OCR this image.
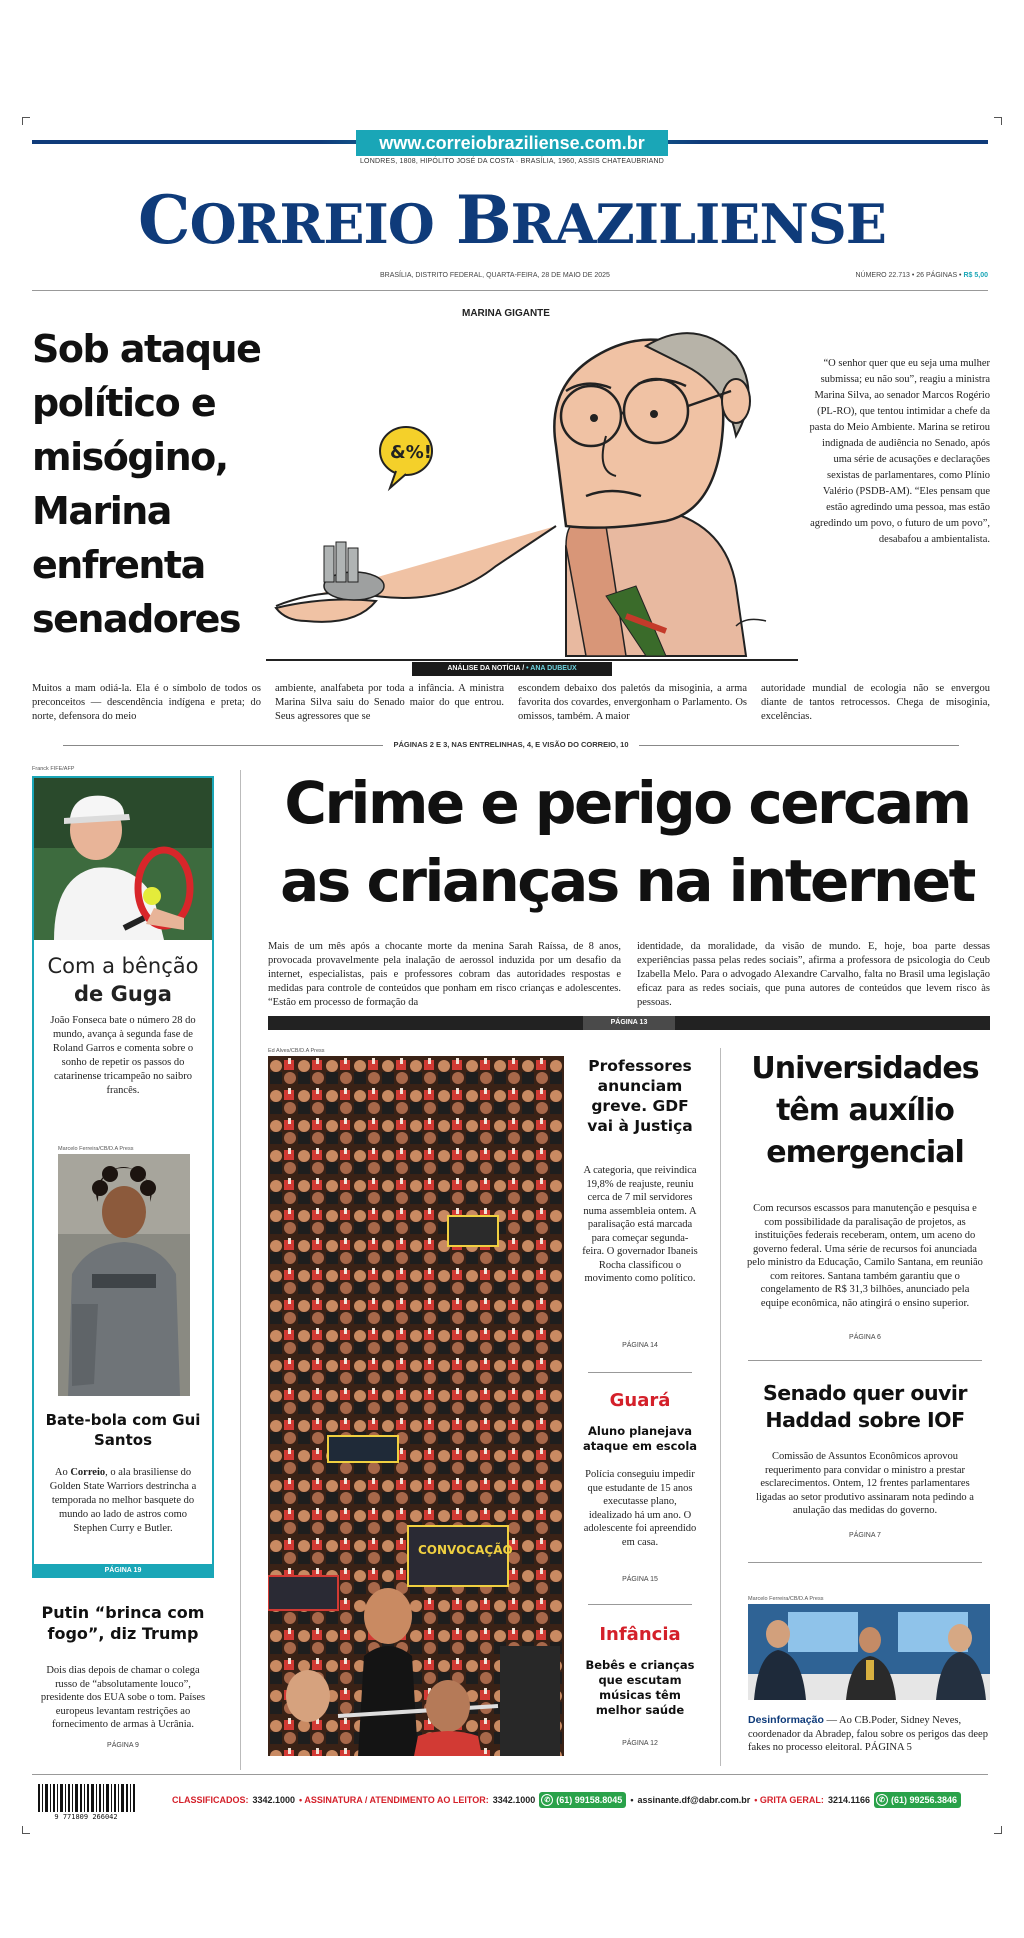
www.correiobraziliense.com.br
LONDRES, 1808, HIPÓLITO JOSÉ DA COSTA · BRASÍLIA, 1960, ASSIS CHATEAUBRIAND
CORREIO BRAZILIENSE
BRASÍLIA, DISTRITO FEDERAL, QUARTA-FEIRA, 28 DE MAIO DE 2025	NÚMERO 22.713 • 26 PÁGINAS • R$ 5,00
Sob ataque político e misógino, Marina enfrenta senadores
&%!
MARINA GIGANTE

“O senhor quer que eu seja uma mulher submissa; eu não sou”, reagiu a ministra Marina Silva, ao senador Marcos Rogério (PL-RO), que tentou intimidar a chefe da pasta do Meio Ambiente. Marina se retirou indignada de audiência no Senado, após uma série de acusações e declarações sexistas de parlamentares, como Plínio Valério (PSDB-AM). “Eles pensam que estão agredindo uma pessoa, mas estão agredindo um povo, o futuro de um povo”, desabafou a ambientalista.

ANÁLISE DA NOTÍCIA / • ANA DUBEUX

Muitos a mam odiá-la. Ela é o símbolo de todos os preconceitos — descendência indígena e preta; do norte, defensora do meio

ambiente, analfabeta por toda a infância. A ministra Marina Silva saiu do Senado maior do que entrou. Seus agressores que se

escondem debaixo dos paletós da misoginia, a arma favorita dos covardes, envergonham o Parlamento. Os omissos, também. A maior

autoridade mundial de ecologia não se envergou diante de tantos retrocessos. Chega de misoginia, excelências.

PÁGINAS 2 E 3, NAS ENTRELINHAS, 4, E VISÃO DO CORREIO, 10
Franck FIFE/AFP
Com a bênção
de Guga

João Fonseca bate o número 28 do mundo, avança à segunda fase de Roland Garros e comenta sobre o sonho de repetir os passos do catarinense tricampeão no saibro francês.

Marcelo Ferreira/CB/D.A Press
Bate-bola com Gui Santos

Ao Correio, o ala brasiliense do Golden State Warriors destrincha a temporada no melhor basquete do mundo ao lado de astros como Stephen Curry e Butler.

PÁGINA 19
Putin “brinca com fogo”, diz Trump

Dois dias depois de chamar o colega russo de “absolutamente louco”, presidente dos EUA sobe o tom. Países europeus levantam restrições ao fornecimento de armas à Ucrânia.

PÁGINA 9
Crime e perigo cercam as crianças na internet

Mais de um mês após a chocante morte da menina Sarah Raíssa, de 8 anos, provocada provavelmente pela inalação de aerossol induzida por um desafio da internet, especialistas, pais e professores cobram das autoridades respostas e medidas para controle de conteúdos que ponham em risco crianças e adolescentes. “Estão em processo de formação da

identidade, da moralidade, da visão de mundo. E, hoje, boa parte dessas experiências passa pelas redes sociais”, afirma a professora de psicologia do Ceub Izabella Melo. Para o advogado Alexandre Carvalho, falta no Brasil uma legislação eficaz para as redes sociais, que puna autores de conteúdos que levem risco às pessoas.

PÁGINA 13
Ed Alves/CB/D.A Press
CONVOCAÇÃO
Professores anunciam greve. GDF vai à Justiça

A categoria, que reivindica 19,8% de reajuste, reuniu cerca de 7 mil servidores numa assembleia ontem. A paralisação está marcada para começar segunda-feira. O governador Ibaneis Rocha classificou o movimento como político.

PÁGINA 14
Guará
Aluno planejava ataque em escola

Polícia conseguiu impedir que estudante de 15 anos executasse plano, idealizado há um ano. O adolescente foi apreendido em casa.

PÁGINA 15
Infância
Bebês e crianças que escutam músicas têm melhor saúde
PÁGINA 12
Universidades têm auxílio emergencial

Com recursos escassos para manutenção e pesquisa e com possibilidade da paralisação de projetos, as instituições federais receberam, ontem, um aceno do governo federal. Uma série de recursos foi anunciada pelo ministro da Educação, Camilo Santana, em reunião com reitores. Santana também garantiu que o congelamento de R$ 31,3 bilhões, anunciado pela equipe econômica, não atingirá o ensino superior.

PÁGINA 6
Senado quer ouvir Haddad sobre IOF

Comissão de Assuntos Econômicos aprovou requerimento para convidar o ministro a prestar esclarecimentos. Ontem, 12 frentes parlamentares ligadas ao setor produtivo assinaram nota pedindo a anulação das medidas do governo.

PÁGINA 7
Marcelo Ferreira/CB/D.A Press

Desinformação — Ao CB.Poder, Sidney Neves, coordenador da Abradep, falou sobre os perigos das deep fakes no processo eleitoral. PÁGINA 5

9 771809 266042
CLASSIFICADOS: 3342.1000 • ASSINATURA / ATENDIMENTO AO LEITOR: 3342.1000	✆ (61) 99158.8045 • assinante.df@dabr.com.br • GRITA GERAL: 3214.1166	✆ (61) 99256.3846
